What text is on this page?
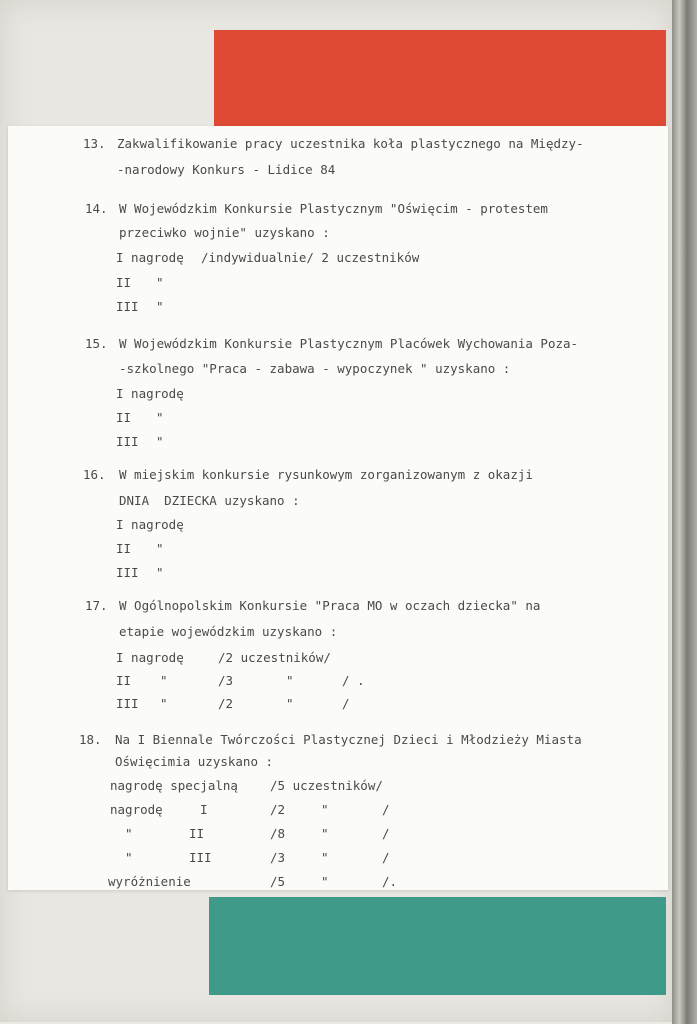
13. Zakwalifikowanie pracy uczestnika koła plastycznego na Między-
-narodowy Konkurs - Lidice 84
14. W Wojewódzkim Konkursie Plastycznym "Oświęcim - protestem
przeciwko wojnie" uzyskano :
I nagrodę /indywidualnie/ 2 uczestników
II "
III "
15. W Wojewódzkim Konkursie Plastycznym Placówek Wychowania Poza-
-szkolnego "Praca - zabawa - wypoczynek " uzyskano :
I nagrodę
II "
III "
16. W miejskim konkursie rysunkowym zorganizowanym z okazji
DNIA  DZIECKA uzyskano :
I nagrodę
II "
III "
17. W Ogólnopolskim Konkursie "Praca MO w oczach dziecka" na
etapie wojewódzkim uzyskano :
I nagrodę	/2 uczestników/
II "	/3	"	/ .
III "	/2	"	/
18. Na I Biennale Twórczości Plastycznej Dzieci i Młodzieży Miasta
Oświęcimia uzyskano :
nagrodę specjalną	/5 uczestników/
nagrodę	I	/2	"	/
"	II	/8	"	/
"	III	/3	"	/
wyróżnienie	/5	"	/.
